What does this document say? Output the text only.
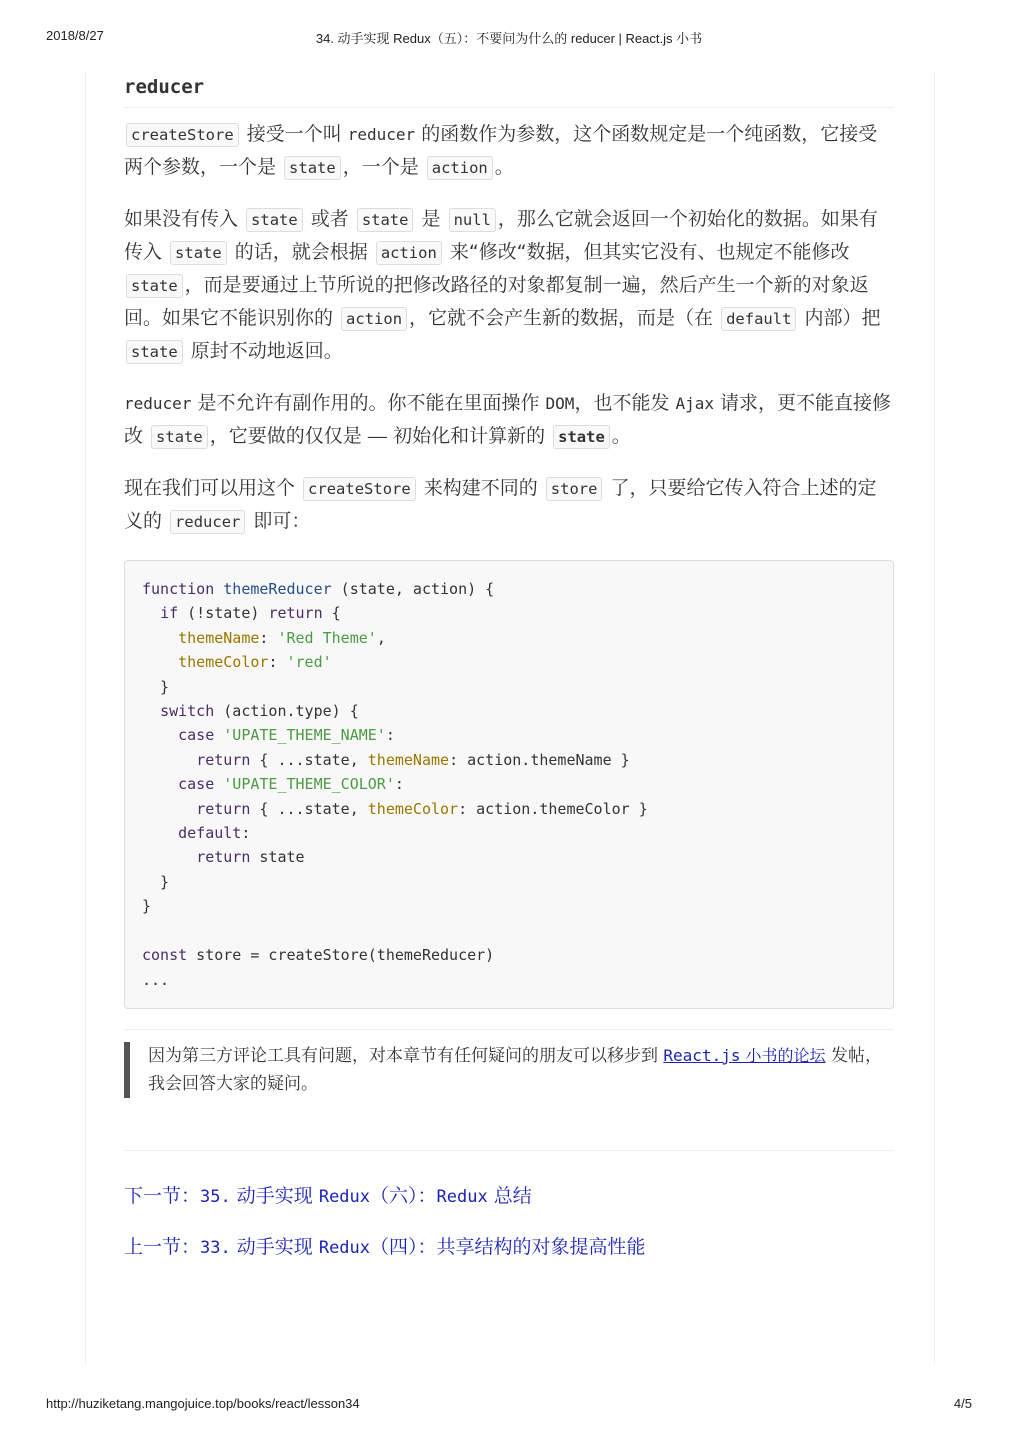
2018/8/27	34. 动手实现 Redux（五）：不要问为什么的 reducer | React.js 小书
reducer

createStore 接受一个叫 reducer 的函数作为参数，这个函数规定是一个纯函数，它接受两个参数，一个是 state ，一个是 action 。

如果没有传入 state 或者 state 是 null ，那么它就会返回一个初始化的数据。如果有传入 state 的话，就会根据 action 来“修改“数据，但其实它没有、也规定不能修改 state ，而是要通过上节所说的把修改路径的对象都复制一遍，然后产生一个新的对象返回。如果它不能识别你的 action ，它就不会产生新的数据，而是（在 default 内部）把 state 原封不动地返回。

reducer 是不允许有副作用的。你不能在里面操作 DOM，也不能发 Ajax 请求，更不能直接修改 state ，它要做的仅仅是 —— 初始化和计算新的 state 。

现在我们可以用这个 createStore 来构建不同的 store 了，只要给它传入符合上述的定义的 reducer 即可：

function themeReducer (state, action) {
if (!state) return {
themeName: 'Red Theme',
themeColor: 'red'
}
switch (action.type) {
case 'UPATE_THEME_NAME':
return { ...state, themeName: action.themeName }
case 'UPATE_THEME_COLOR':
return { ...state, themeColor: action.themeColor }
default:
return state
}
}

const store = createStore(themeReducer)
...
因为第三方评论工具有问题，对本章节有任何疑问的朋友可以移步到 React.js 小书的论坛 发帖，我会回答大家的疑问。
下一节：35. 动手实现 Redux（六）：Redux 总结
上一节：33. 动手实现 Redux（四）：共享结构的对象提高性能
http://huziketang.mangojuice.top/books/react/lesson34	4/5
